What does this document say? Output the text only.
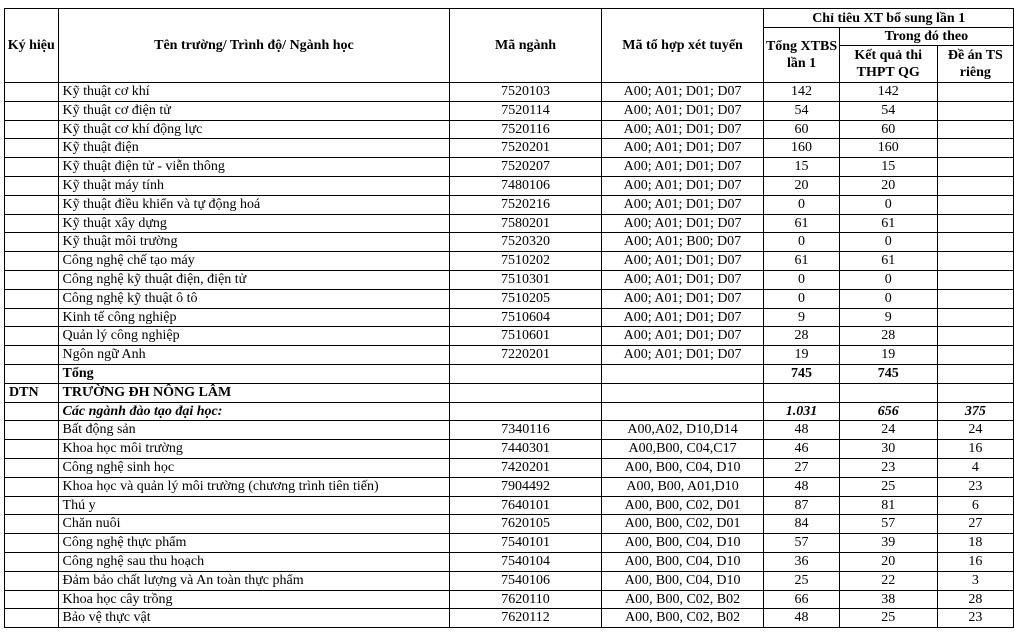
Ký hiệu	Tên trường/ Trình độ/ Ngành học	Mã ngành	Mã tổ hợp xét tuyển	Chỉ tiêu XT bổ sung lần 1		
				Tổng XTBS lần 1	Trong đó theo	
					Kết quả thi THPT QG	Đề án TS riêng
	Kỹ thuật cơ khí	7520103	A00; A01; D01; D07	142	142	
	Kỹ thuật cơ điện tử	7520114	A00; A01; D01; D07	54	54	
	Kỹ thuật cơ khí động lực	7520116	A00; A01; D01; D07	60	60	
	Kỹ thuật điện	7520201	A00; A01; D01; D07	160	160	
	Kỹ thuật điện tử - viễn thông	7520207	A00; A01; D01; D07	15	15	
	Kỹ thuật máy tính	7480106	A00; A01; D01; D07	20	20	
	Kỹ thuật điều khiển và tự động hoá	7520216	A00; A01; D01; D07	0	0	
	Kỹ thuật xây dựng	7580201	A00; A01; D01; D07	61	61	
	Kỹ thuật môi trường	7520320	A00; A01; B00; D07	0	0	
	Công nghệ chế tạo máy	7510202	A00; A01; D01; D07	61	61	
	Công nghệ kỹ thuật điện, điện tử	7510301	A00; A01; D01; D07	0	0	
	Công nghệ kỹ thuật ô tô	7510205	A00; A01; D01; D07	0	0	
	Kinh tế công nghiệp	7510604	A00; A01; D01; D07	9	9	
	Quản lý công nghiệp	7510601	A00; A01; D01; D07	28	28	
	Ngôn ngữ Anh	7220201	A00; A01; D01; D07	19	19	
	Tổng			745	745	
DTN	TRƯỜNG ĐH NÔNG LÂM					
	Các ngành đào tạo đại học:			1.031	656	375
	Bất động sản	7340116	A00,A02, D10,D14	48	24	24
	Khoa học môi trường	7440301	A00,B00, C04,C17	46	30	16
	Công nghệ sinh học	7420201	A00, B00, C04, D10	27	23	4
	Khoa học và quản lý môi trường (chương trình tiên tiến)	7904492	A00, B00, A01,D10	48	25	23
	Thú y	7640101	A00, B00, C02, D01	87	81	6
	Chăn nuôi	7620105	A00, B00, C02, D01	84	57	27
	Công nghệ thực phẩm	7540101	A00, B00, C04, D10	57	39	18
	Công nghệ sau thu hoạch	7540104	A00, B00, C04, D10	36	20	16
	Đảm bảo chất lượng và An toàn thực phẩm	7540106	A00, B00, C04, D10	25	22	3
	Khoa học cây trồng	7620110	A00, B00, C02, B02	66	38	28
	Bảo vệ thực vật	7620112	A00, B00, C02, B02	48	25	23
